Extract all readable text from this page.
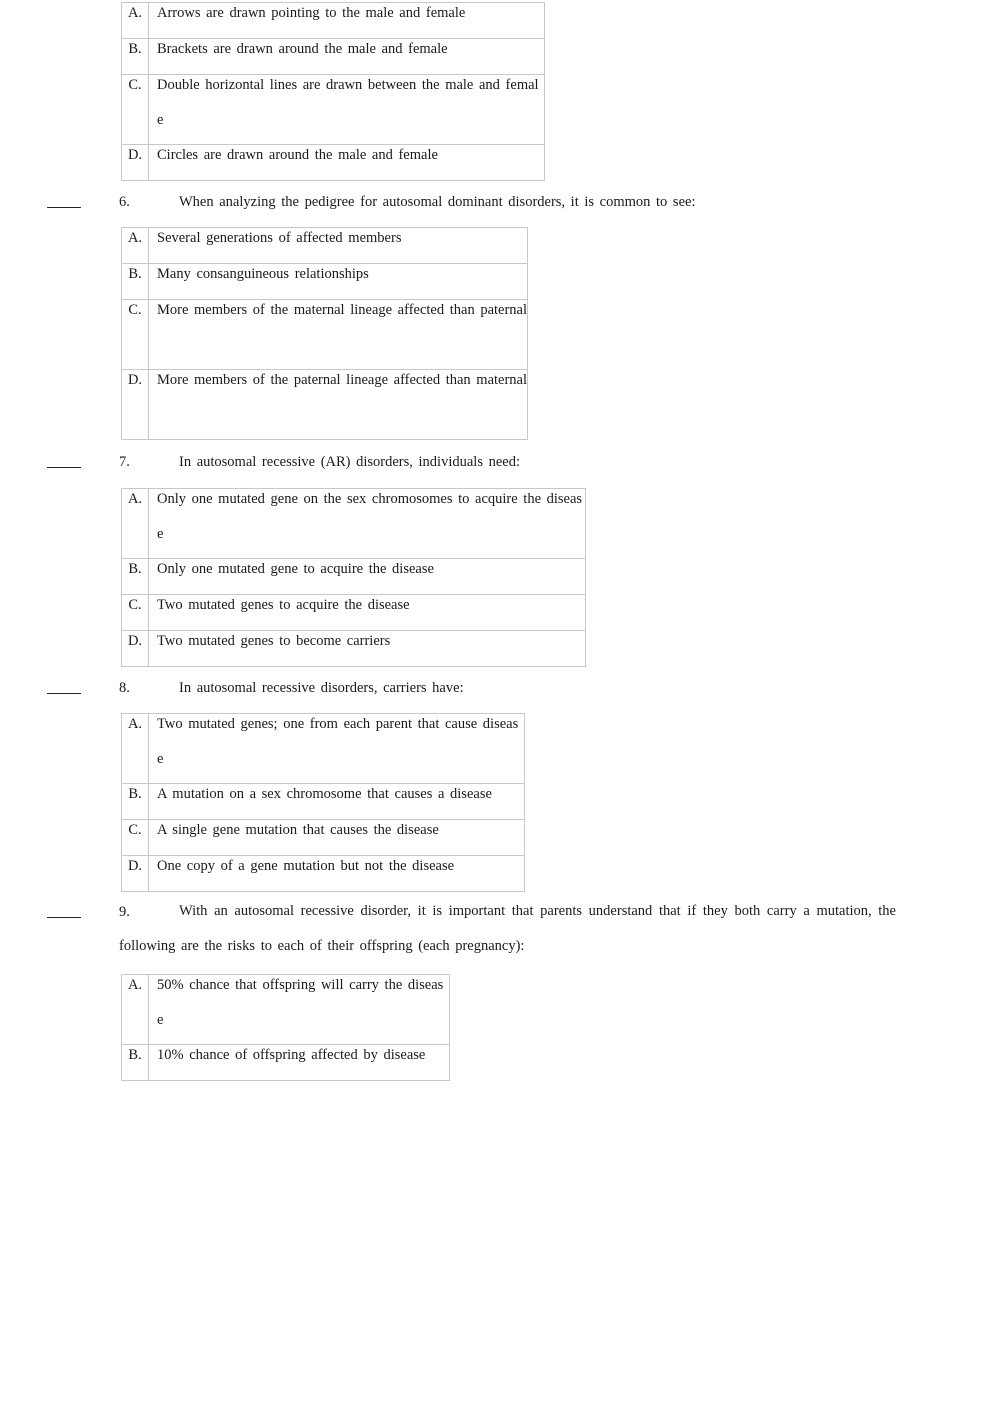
A.	Arrows are drawn pointing to the male and female

B.	Brackets are drawn around the male and female

C.	Double horizontal lines are drawn between the male and female

D.	Circles are drawn around the male and female
6.	When analyzing the pedigree for autosomal dominant disorders, it is common to see:
A.	Several generations of affected members

B.	Many consanguineous relationships

C.	More members of the maternal lineage affected than paternal

D.	More members of the paternal lineage affected than maternal
7.	In autosomal recessive (AR) disorders, individuals need:
A.	Only one mutated gene on the sex chromosomes to acquire the disease

B.	Only one mutated gene to acquire the disease

C.	Two mutated genes to acquire the disease

D.	Two mutated genes to become carriers
8.	In autosomal recessive disorders, carriers have:
A.	Two mutated genes; one from each parent that cause disease

B.	A mutation on a sex chromosome that causes a disease

C.	A single gene mutation that causes the disease

D.	One copy of a gene mutation but not the disease
9.	With an autosomal recessive disorder, it is important that parents understand that if they both carry a mutation, the following are the risks to each of their offspring (each pregnancy):
A.	50% chance that offspring will carry the disease

B.	10% chance of offspring affected by disease
